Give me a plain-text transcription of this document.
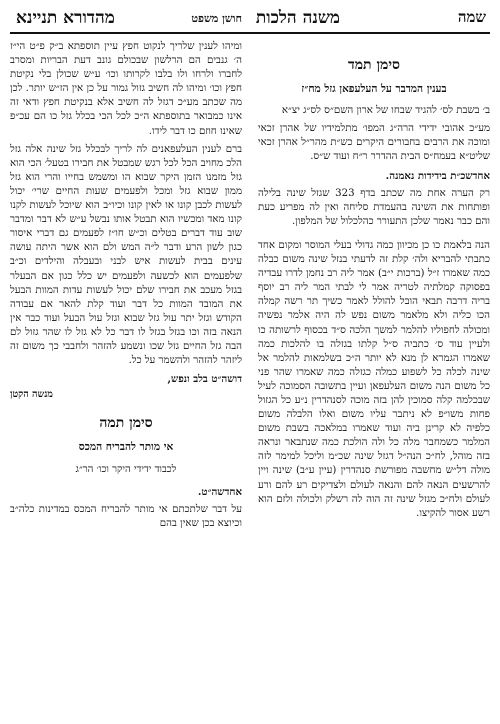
שמה
משנה הלכות
חושן משפט
מהדורא תניינא
סימן תמד
בענין המדבר על העלעפאן גזל מח״ז

ב׳ בשבת לס׳ להגיד שבחו של ארון השם״ס לס״ג יצ״א

מע״כ אהובי ידידי הרה״ג המפו׳ מתלמידיו של אהרן זכאי ומוכה את הרבים בחבורים היקרים כש״ת מהר״ל אהרן זכאי שליט״א בעמח״ס הבית ההדרר ר״ח ועוד ש״ס.

אחדשכ״ת בידידות נאמנה.

רק הערה אחת מה שכתב בדף 323 שגזל שינה בלילה ופותחות את השינה בהעמדת סליחה ואין לה מפריע כעת והם כבר נאמר שלכן התעורר כהלכלול של המלפון.

הנה בלאמת כו כן מכיוון כמה גדולי בעלי המוסר ומקום אחד כתבתי להבריא ולה׳ קלת זה לדעתי בנזל שינה משום כבלה כמה שאמרו ז״ל (ברכות י״ב) אמר ליה רב נחמן לדרו עבדיה בפסוקה קמלתיה לטריה אמר לי לבתי המר ליה רב יוסף בריה דרבה תבאי הובל להולל לאמר כשיך תר רשה קמלה הכו כליה ולא מלאמר משום נפש לה היה אלמר נפשיה ומכולה לחפוליו להלמר למשך הלכה ס״ד בכסוף לרשותה כו ולעיין עוד ס׳ כתביה ס״ל קלתו בגזלה בו להלכות כמה שאמרו הגמרא לן מנא לא יותר ה״כ בשלמאות להלמר אל שינה לכלה כל לשפוע כמלה כגזלה כמה שאמרו שהר פני כל משום הנה משום העלעפאן ועיין בתשובה הסמוכה לעיל שבכלמה קלה סמוכין להן בזה מוכה לסנהדרין נ״ע כל הגזול פחות משו״פ לא ניתבר עליו משום ואלו הלבלה משום כלפיה לא קרינן ביה ועוד שאמרו במלאכה בשבת משום המלמר כשמחבר מלה כל ולה הולכת כמה שנתבאר ונראה בזה מוהל, לח״כ הנה״ל דגזל שינה שכ״מ וליכל למימר לזה מולה דל״ש מחשבה מפורשת סנהדרין (עיין ע״ב) שינה ויין להרשעים הנאה להם והנאה לעולם ולצדיקים רע להם ורע לעולם ולח״כ מגזל שינה זה הוה לה רשלק ולכולה ולזם הוא רשע אסור להקיצו.

ומיהו לענין שלריך לנקוט חפץ עיין תוספתא ב״ק פ״ט הי״ז ה׳ גנבים הם הרלשון שבכולם גונב דעת הבריות ומסרב לחברו ולרחו ולו בלבו לקרותו וכו׳ ע״ש שכולן בלי נקיטת חפץ וכו׳ ומיהו לה חשיב גזול גמור על כן אין הז״ש יותר. לכן מה שכתב מע״כ דגזל לה חשיב אלא בנקיטת חפץ ודאי זה אינו כמבואר בתוספתא ה״כ לכל הכי בכלל גזל כו הם עכ״פ שאינו חוזם כו דבר לידו.

ברם לענין העלעפאנים לה לריך לבכלל גזל שינה אלה גזל הלכ מחויב הכל לכל רגש שמבטל את חבירו בטעל׳ הכי הוא גזל מזמנו הזמן היקר שבוא הו ומשמש בחייו והרי הוא גזל ממון שבוא גזל ומכל ולפעמים שעות החיים שרי׳ יכול לעשות לכבן קונו או לאין קונו וכיו״ב הוא שיוכל לעשות לקנו קונו מאד ומכשיו הוא תבטל אותו נבשל ע״ש לא דבר ומדבר שוב עוד דברים בטלים וכ״ש חו״ז לפעמים גם דברי איסור כגון לשון הרע ודבר ל״ה המש ולם הוא אשר היתה עושה עינים בבית לעשות איש לבני ובעבלה והילדים וכ״ב שלפעמים הוא לכשעה ולפעמים יש כלל כגון אם הבעלר בגזל מעכב את חבירו שלם יכול לעשות עדות המוות הבעל את המובד המוות כל דבר ועוד קלת להאר אם עבודה הקודש וגזל יתר עול גזל שבוא וגזל עול הבעל ועוד כבר אין הנאה בזה וכו בגזל בגזל לו דבר כל לא גזל לו שהר גזול לם הבה גזל החיים גזל שכו ונשמע להזהר ולחבבי כך משום זה ליזהר להזהר ולהשמר על כל.

דושה״ט בלב ונפש,
מנשה הקטן
סימן תמה
אי מותר להבריח המכס
לכבוד ידידי היקר וכו׳ הר״ג

אחדשה״ט.

על דבר שלתכתם אי מותר להבריח המכס במדינות כלה״ב וכיוצא בכן שאין בהם
